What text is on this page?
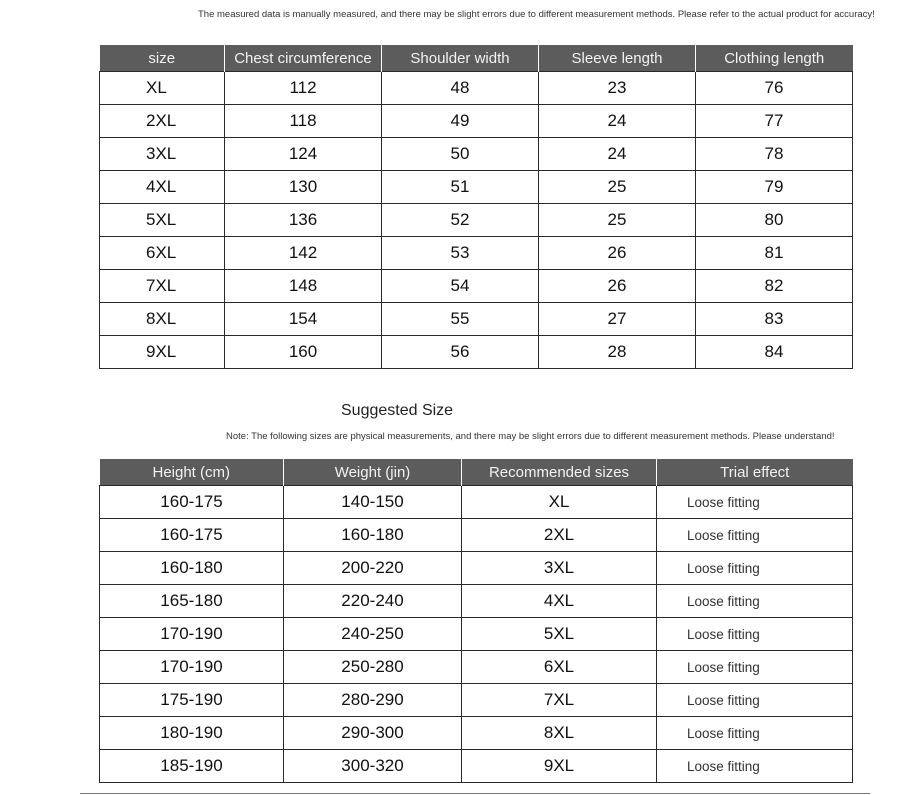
The measured data is manually measured, and there may be slight errors due to different measurement methods. Please refer to the actual product for accuracy!
size	Chest circumference	Shoulder width	Sleeve length	Clothing length
XL	112	48	23	76
2XL	118	49	24	77
3XL	124	50	24	78
4XL	130	51	25	79
5XL	136	52	25	80
6XL	142	53	26	81
7XL	148	54	26	82
8XL	154	55	27	83
9XL	160	56	28	84
Suggested Size
Note: The following sizes are physical measurements, and there may be slight errors due to different measurement methods. Please understand!
Height (cm)	Weight (jin)	Recommended sizes	Trial effect
160-175	140-150	XL	Loose fitting
160-175	160-180	2XL	Loose fitting
160-180	200-220	3XL	Loose fitting
165-180	220-240	4XL	Loose fitting
170-190	240-250	5XL	Loose fitting
170-190	250-280	6XL	Loose fitting
175-190	280-290	7XL	Loose fitting
180-190	290-300	8XL	Loose fitting
185-190	300-320	9XL	Loose fitting
